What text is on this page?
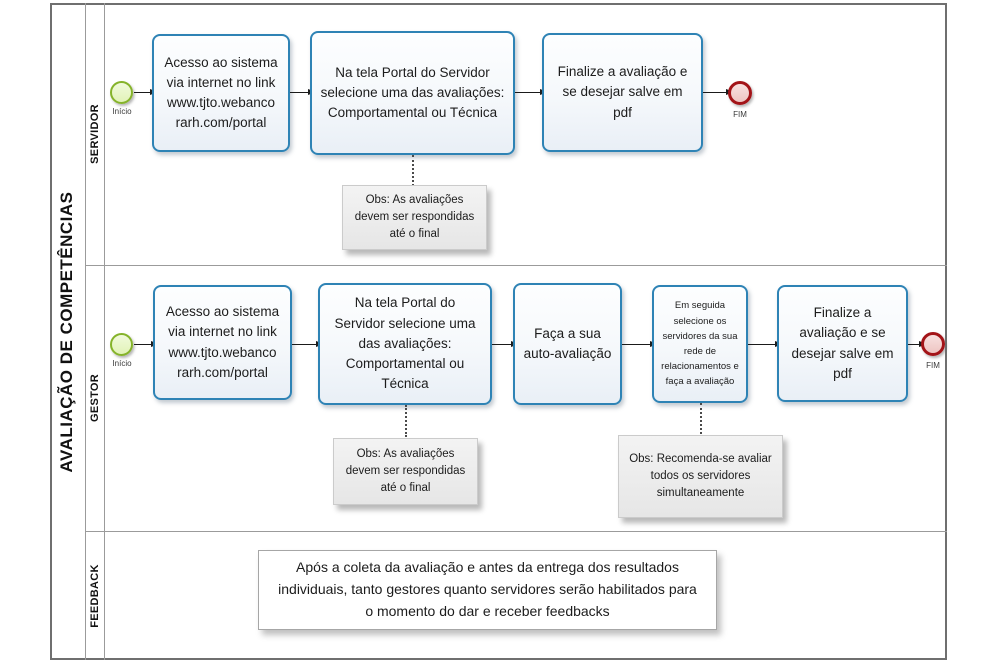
AVALIAÇÃO DE COMPETÊNCIAS
SERVIDOR
GESTOR
FEEDBACK
Início
Acesso ao sistema via internet no link www.tjto.webanco rarh.com/portal
Na tela Portal do Servidor selecione uma das avaliações: Comportamental ou Técnica
Finalize a avaliação e se desejar salve em pdf	FIM
Obs: As avaliações devem ser respondidas até o final
Início
Acesso ao sistema via internet no link www.tjto.webanco rarh.com/portal
Na tela Portal do Servidor selecione uma das avaliações: Comportamental ou Técnica
Faça a sua auto-avaliação
Em seguida selecione os servidores da sua rede de relacionamentos e faça a avaliação
Finalize a avaliação e se desejar salve em pdf
FIM
Obs: As avaliações devem ser respondidas até o final
Obs: Recomenda-se avaliar todos os servidores simultaneamente
Após a coleta da avaliação e antes da entrega dos resultados individuais, tanto gestores quanto servidores serão habilitados para o momento do dar e receber feedbacks
